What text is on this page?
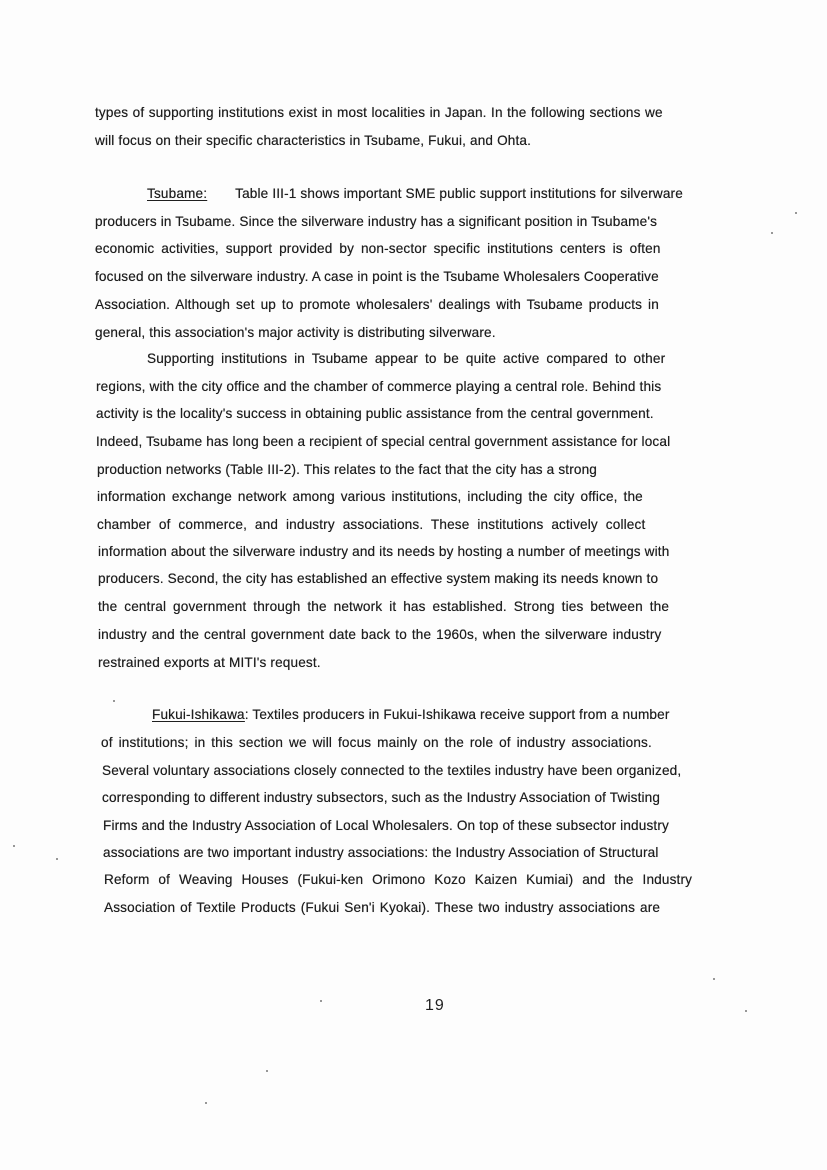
types of supporting institutions exist in most localities in Japan. In the following sections we
will focus on their specific characteristics in Tsubame, Fukui, and Ohta.
Tsubame: Table III-1 shows important SME public support institutions for silverware
producers in Tsubame. Since the silverware industry has a significant position in Tsubame's
economic activities, support provided by non-sector specific institutions centers is often
focused on the silverware industry. A case in point is the Tsubame Wholesalers Cooperative
Association. Although set up to promote wholesalers' dealings with Tsubame products in
general, this association's major activity is distributing silverware.
Supporting institutions in Tsubame appear to be quite active compared to other
regions, with the city office and the chamber of commerce playing a central role. Behind this
activity is the locality's success in obtaining public assistance from the central government.
Indeed, Tsubame has long been a recipient of special central government assistance for local
production networks (Table III-2). This relates to the fact that the city has a strong
information exchange network among various institutions, including the city office, the
chamber of commerce, and industry associations. These institutions actively collect
information about the silverware industry and its needs by hosting a number of meetings with
producers. Second, the city has established an effective system making its needs known to
the central government through the network it has established. Strong ties between the
industry and the central government date back to the 1960s, when the silverware industry
restrained exports at MITI's request.
Fukui-Ishikawa: Textiles producers in Fukui-Ishikawa receive support from a number
of institutions; in this section we will focus mainly on the role of industry associations.
Several voluntary associations closely connected to the textiles industry have been organized,
corresponding to different industry subsectors, such as the Industry Association of Twisting
Firms and the Industry Association of Local Wholesalers. On top of these subsector industry
associations are two important industry associations: the Industry Association of Structural
Reform of Weaving Houses (Fukui-ken Orimono Kozo Kaizen Kumiai) and the Industry
Association of Textile Products (Fukui Sen'i Kyokai). These two industry associations are
19
